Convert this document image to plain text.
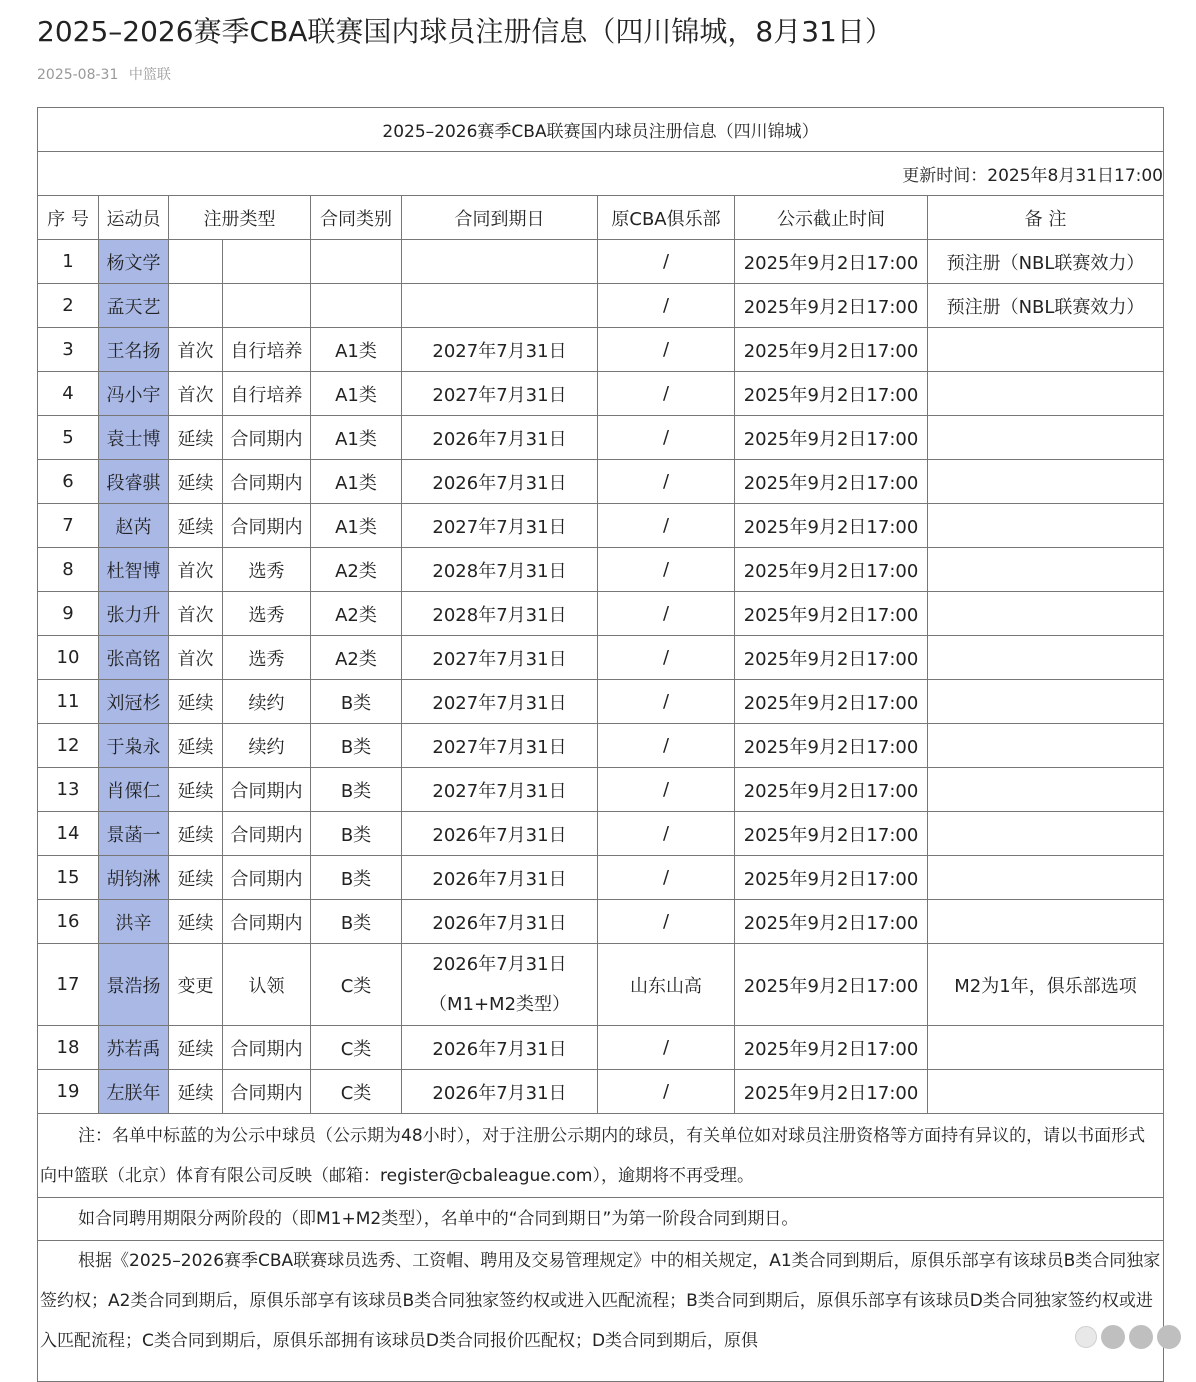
2025–2026赛季CBA联赛国内球员注册信息（四川锦城，8月31日）
2025-08-31 中篮联
2025–2026赛季CBA联赛国内球员注册信息（四川锦城）								
更新时间：2025年8月31日17:00								
序 号	运动员	注册类型		合同类别	合同到期日	原CBA俱乐部	公示截止时间	备 注
1	杨文学					/	2025年9月2日17:00	预注册（NBL联赛效力）
2	孟天艺					/	2025年9月2日17:00	预注册（NBL联赛效力）
3	王名扬	首次	自行培养	A1类	2027年7月31日	/	2025年9月2日17:00	
4	冯小宇	首次	自行培养	A1类	2027年7月31日	/	2025年9月2日17:00	
5	袁士博	延续	合同期内	A1类	2026年7月31日	/	2025年9月2日17:00	
6	段睿骐	延续	合同期内	A1类	2026年7月31日	/	2025年9月2日17:00	
7	赵芮	延续	合同期内	A1类	2027年7月31日	/	2025年9月2日17:00	
8	杜智博	首次	选秀	A2类	2028年7月31日	/	2025年9月2日17:00	
9	张力升	首次	选秀	A2类	2028年7月31日	/	2025年9月2日17:00	
10	张高铭	首次	选秀	A2类	2027年7月31日	/	2025年9月2日17:00	
11	刘冠杉	延续	续约	B类	2027年7月31日	/	2025年9月2日17:00	
12	于枭永	延续	续约	B类	2027年7月31日	/	2025年9月2日17:00	
13	肖傈仁	延续	合同期内	B类	2027年7月31日	/	2025年9月2日17:00	
14	景菡一	延续	合同期内	B类	2026年7月31日	/	2025年9月2日17:00	
15	胡钧淋	延续	合同期内	B类	2026年7月31日	/	2025年9月2日17:00	
16	洪辛	延续	合同期内	B类	2026年7月31日	/	2025年9月2日17:00	
17	景浩扬	变更	认领	C类	2026年7月31日
（M1+M2类型）	山东山高	2025年9月2日17:00	M2为1年，俱乐部选项
18	苏若禹	延续	合同期内	C类	2026年7月31日	/	2025年9月2日17:00	
19	左朕年	延续	合同期内	C类	2026年7月31日	/	2025年9月2日17:00	
注：名单中标蓝的为公示中球员（公示期为48小时），对于注册公示期内的球员，有关单位如对球员注册资格等方面持有异议的，请以书面形式向中篮联（北京）体育有限公司反映（邮箱：register@cbaleague.com），逾期将不再受理。								
如合同聘用期限分两阶段的（即M1+M2类型），名单中的“合同到期日”为第一阶段合同到期日。								
根据《2025–2026赛季CBA联赛球员选秀、工资帽、聘用及交易管理规定》中的相关规定，A1类合同到期后，原俱乐部享有该球员B类合同独家签约权；A2类合同到期后，原俱乐部享有该球员B类合同独家签约权或进入匹配流程；B类合同到期后，原俱乐部享有该球员D类合同独家签约权或进入匹配流程；C类合同到期后，原俱乐部拥有该球员D类合同报价匹配权；D类合同到期后，原俱								
